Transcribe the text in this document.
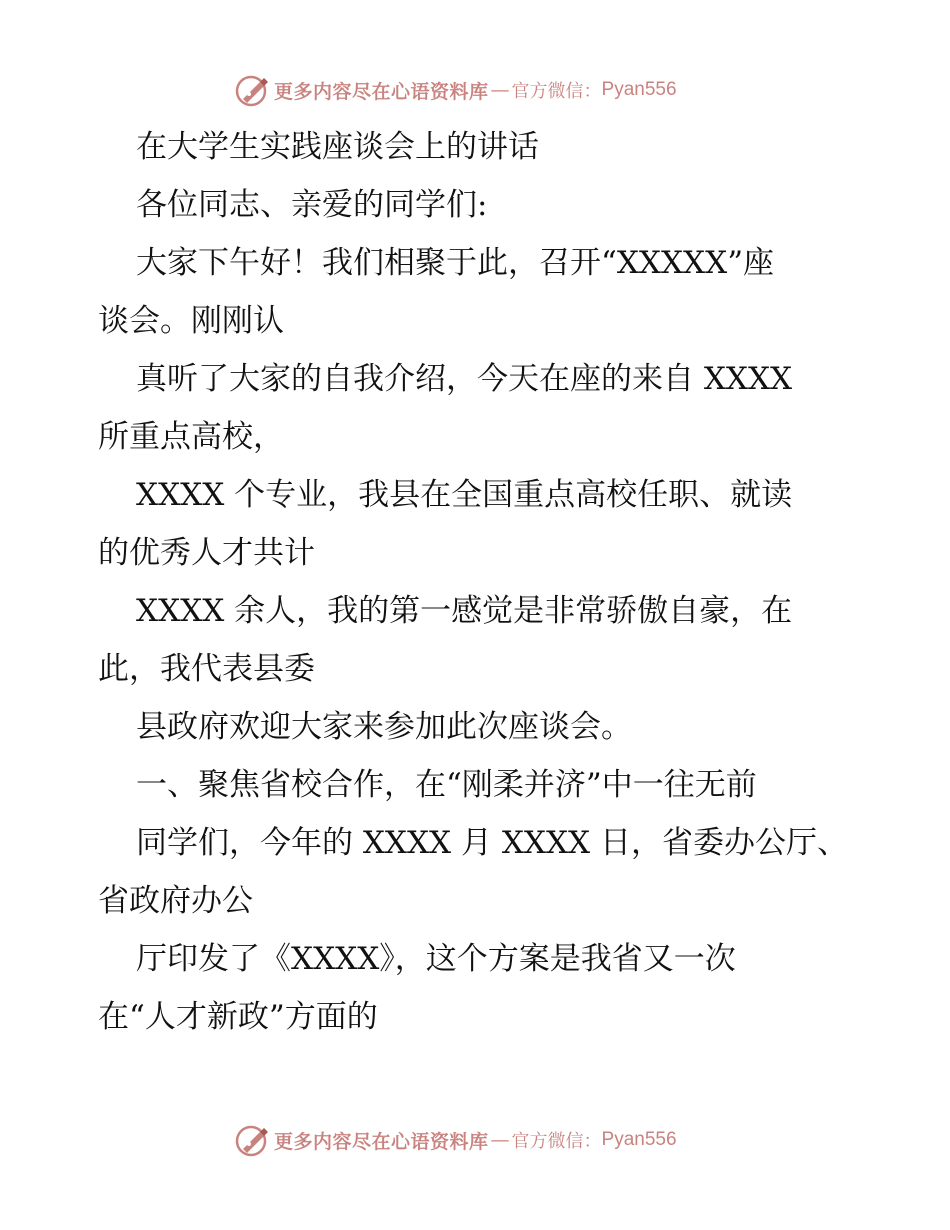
更多内容尽在心语资料库 — 官方微信： Pyan556

在大学生实践座谈会上的讲话

各位同志、亲爱的同学们:

大家下午好！我们相聚于此，召开“XXXXX”座

谈会。刚刚认

真听了大家的自我介绍，今天在座的来自 XXXX

所重点高校，

XXXX 个专业，我县在全国重点高校任职、就读

的优秀人才共计

XXXX 余人，我的第一感觉是非常骄傲自豪，在

此，我代表县委

县政府欢迎大家来参加此次座谈会。

一、聚焦省校合作，在“刚柔并济”中一往无前

同学们，今年的 XXXX 月 XXXX 日，省委办公厅、

省政府办公

厅印发了《XXXX》，这个方案是我省又一次

在“人才新政”方面的

更多内容尽在心语资料库 — 官方微信： Pyan556
